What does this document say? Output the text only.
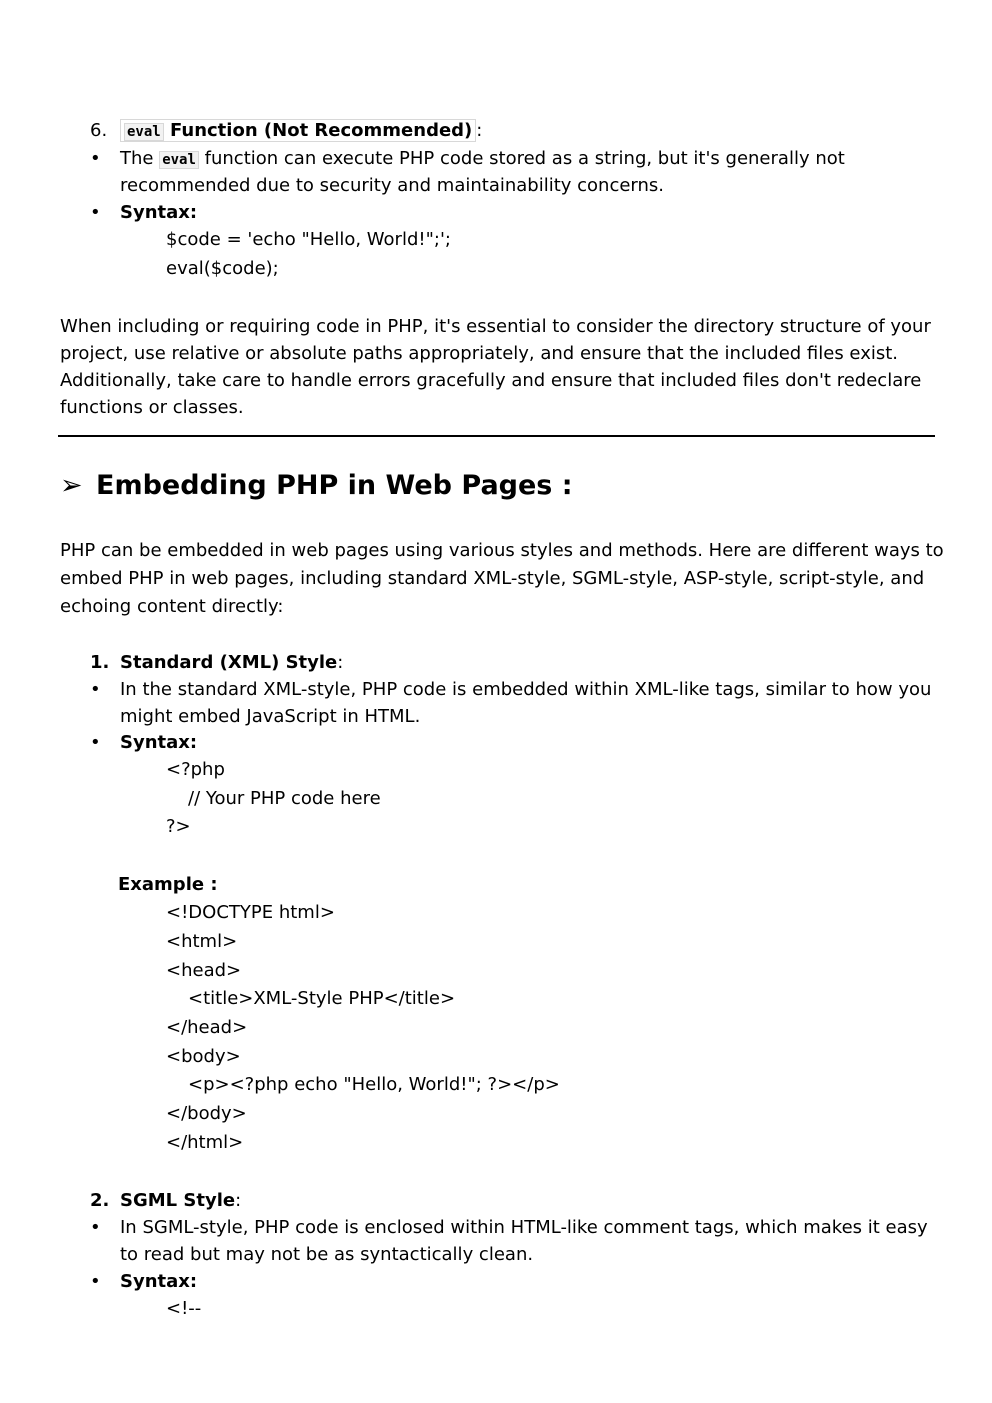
6.	eval Function (Not Recommended) :
• The eval function can execute PHP code stored as a string, but it's generally not
recommended due to security and maintainability concerns.
• Syntax:
$code = 'echo "Hello, World!";';
eval($code);
When including or requiring code in PHP, it's essential to consider the directory structure of your
project, use relative or absolute paths appropriately, and ensure that the included files exist.
Additionally, take care to handle errors gracefully and ensure that included files don't redeclare
functions or classes.
➢ Embedding PHP in Web Pages :
PHP can be embedded in web pages using various styles and methods. Here are different ways to
embed PHP in web pages, including standard XML-style, SGML-style, ASP-style, script-style, and
echoing content directly:
1. Standard (XML) Style:
• In the standard XML-style, PHP code is embedded within XML-like tags, similar to how you
might embed JavaScript in HTML.
• Syntax:
<?php
// Your PHP code here
?>
Example :
<!DOCTYPE html>
<html>
<head>
<title>XML-Style PHP</title>
</head>
<body>
<p><?php echo "Hello, World!"; ?></p>
</body>
</html>
2. SGML Style:
• In SGML-style, PHP code is enclosed within HTML-like comment tags, which makes it easy
to read but may not be as syntactically clean.
• Syntax:
<!--
